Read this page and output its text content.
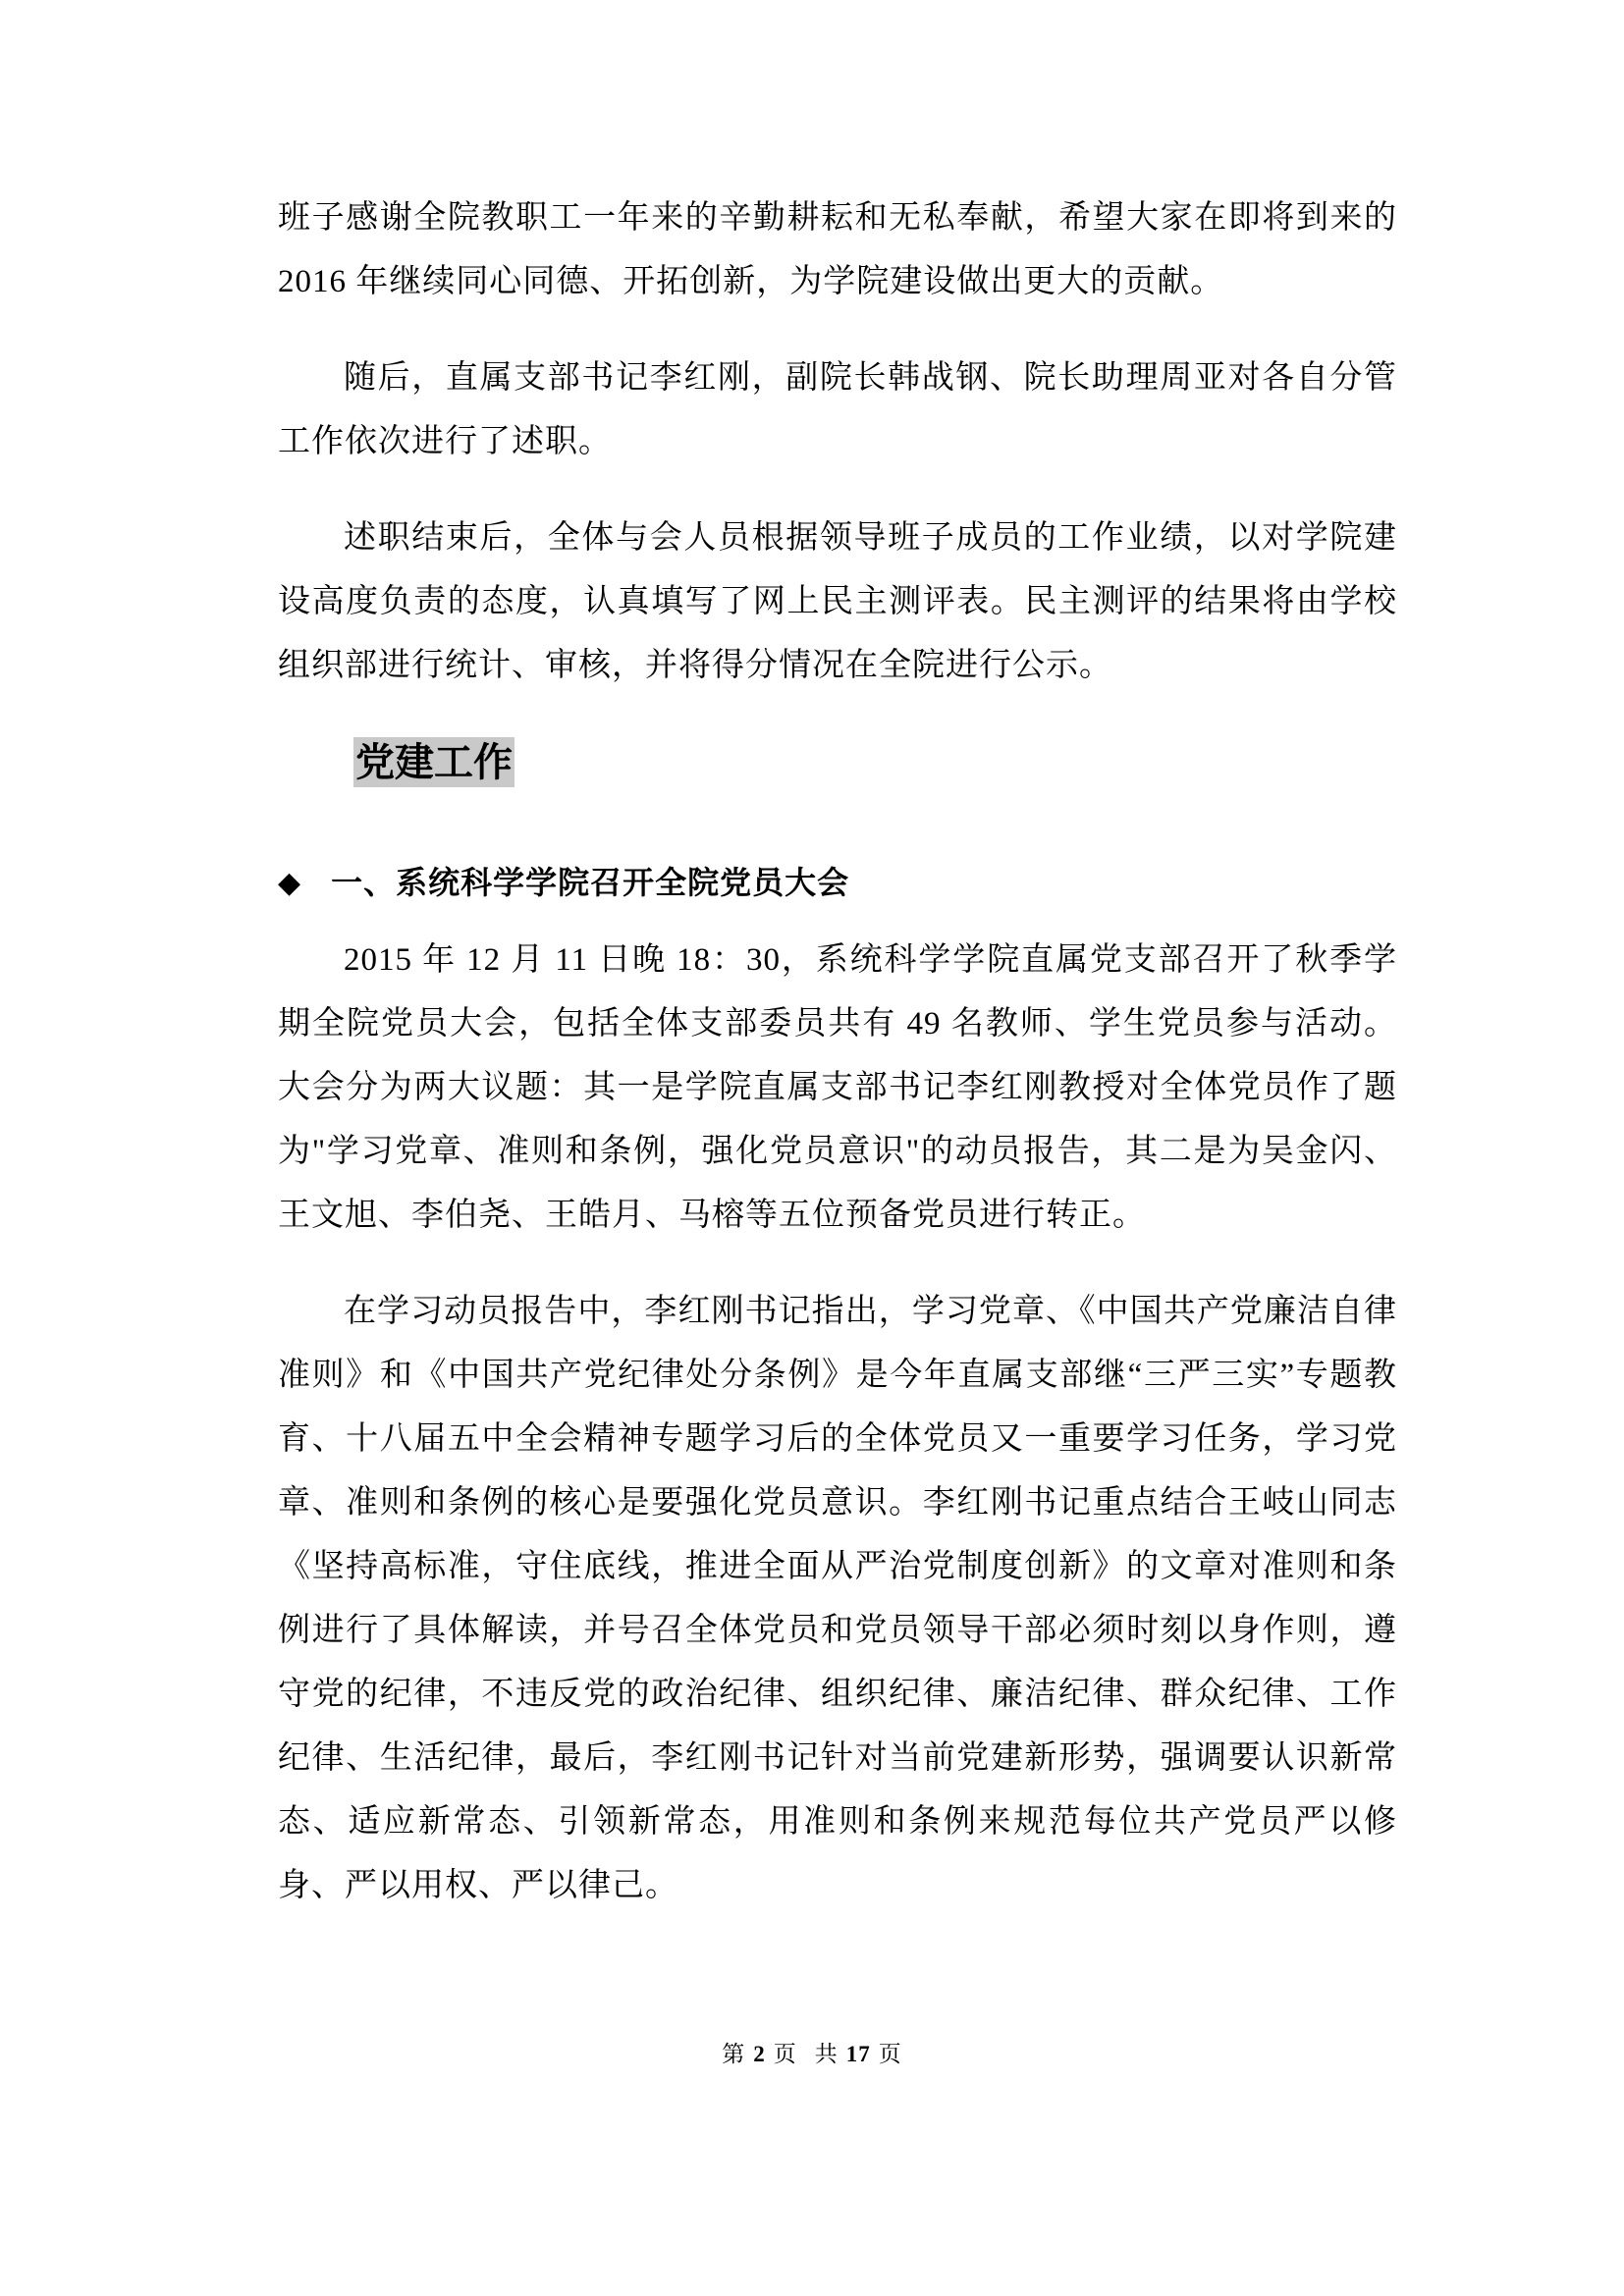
班子感谢全院教职工一年来的辛勤耕耘和无私奉献，希望大家在即将到来的 2016 年继续同心同德、开拓创新，为学院建设做出更大的贡献。

随后，直属支部书记李红刚，副院长韩战钢、院长助理周亚对各自分管工作依次进行了述职。

述职结束后，全体与会人员根据领导班子成员的工作业绩，以对学院建设高度负责的态度，认真填写了网上民主测评表。民主测评的结果将由学校组织部进行统计、审核，并将得分情况在全院进行公示。

党建工作
◆ 一、系统科学学院召开全院党员大会

2015 年 12 月 11 日晚 18：30，系统科学学院直属党支部召开了秋季学期全院党员大会，包括全体支部委员共有 49 名教师、学生党员参与活动。大会分为两大议题：其一是学院直属支部书记李红刚教授对全体党员作了题为"学习党章、准则和条例，强化党员意识"的动员报告，其二是为吴金闪、王文旭、李伯尧、王皓月、马榕等五位预备党员进行转正。

在学习动员报告中，李红刚书记指出，学习党章、《中国共产党廉洁自律准则》和《中国共产党纪律处分条例》是今年直属支部继“三严三实”专题教育、十八届五中全会精神专题学习后的全体党员又一重要学习任务，学习党章、准则和条例的核心是要强化党员意识。李红刚书记重点结合王岐山同志《坚持高标准，守住底线，推进全面从严治党制度创新》的文章对准则和条例进行了具体解读，并号召全体党员和党员领导干部必须时刻以身作则，遵守党的纪律，不违反党的政治纪律、组织纪律、廉洁纪律、群众纪律、工作纪律、生活纪律，最后，李红刚书记针对当前党建新形势，强调要认识新常态、适应新常态、引领新常态，用准则和条例来规范每位共产党员严以修身、严以用权、严以律己。

第 2 页 共 17 页
